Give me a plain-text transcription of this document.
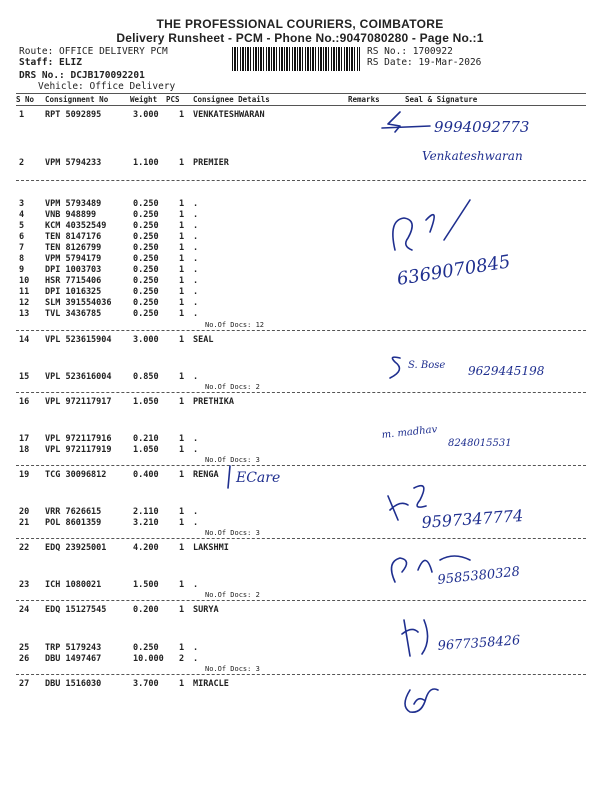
THE PROFESSIONAL COURIERS, COIMBATORE
Delivery Runsheet - PCM - Phone No.:9047080280 - Page No.:1
Route: OFFICE DELIVERY PCM
Staff: ELIZ
DRS No.: DCJB170092201
Vehicle: Office Delivery
RS No.: 1700922
RS Date: 19-Mar-2026
S No Consignment No	Weight PCS Consignee Details	Remarks	Seal & Signature
1 RPT 5092895	3.000 1 VENKATESHWARAN
2 VPM 5794233	1.100 1 PREMIER
3 VPM 5793489	0.250 1 .
4 VNB 948899	0.250 1 .
5 KCM 40352549	0.250 1 .
6 TEN 8147176	0.250 1 .
7 TEN 8126799	0.250 1 .
8 VPM 5794179	0.250 1 .
9 DPI 1003703	0.250 1 .
10 HSR 7715406	0.250 1 .
11 DPI 1016325	0.250 1 .
12 SLM 391554036	0.250 1 .
13 TVL 3436785	0.250 1 .
No.Of Docs: 12
14 VPL 523615904	3.000 1 SEAL
15 VPL 523616004	0.850 1 .
No.Of Docs: 2
16 VPL 972117917	1.050 1 PRETHIKA
17 VPL 972117916	0.210 1 .
18 VPL 972117919	1.050 1 .
No.Of Docs: 3
19 TCG 30096812	0.400 1 RENGA
20 VRR 7626615	2.110 1 .
21 POL 8601359	3.210 1 .
No.Of Docs: 3
22 EDQ 23925001	4.200 1 LAKSHMI
23 ICH 1080021	1.500 1 .
No.Of Docs: 2
24 EDQ 15127545	0.200 1 SURYA
25 TRP 5179243	0.250 1 .
26 DBU 1497467	10.000 2 .
No.Of Docs: 3
27 DBU 1516030	3.700 1 MIRACLE
9994092773
Venkateshwaran
6369070845
S. Bose 9629445198
m. madhav
8248015531
9597347774
9585380328
9677358426
ECare
